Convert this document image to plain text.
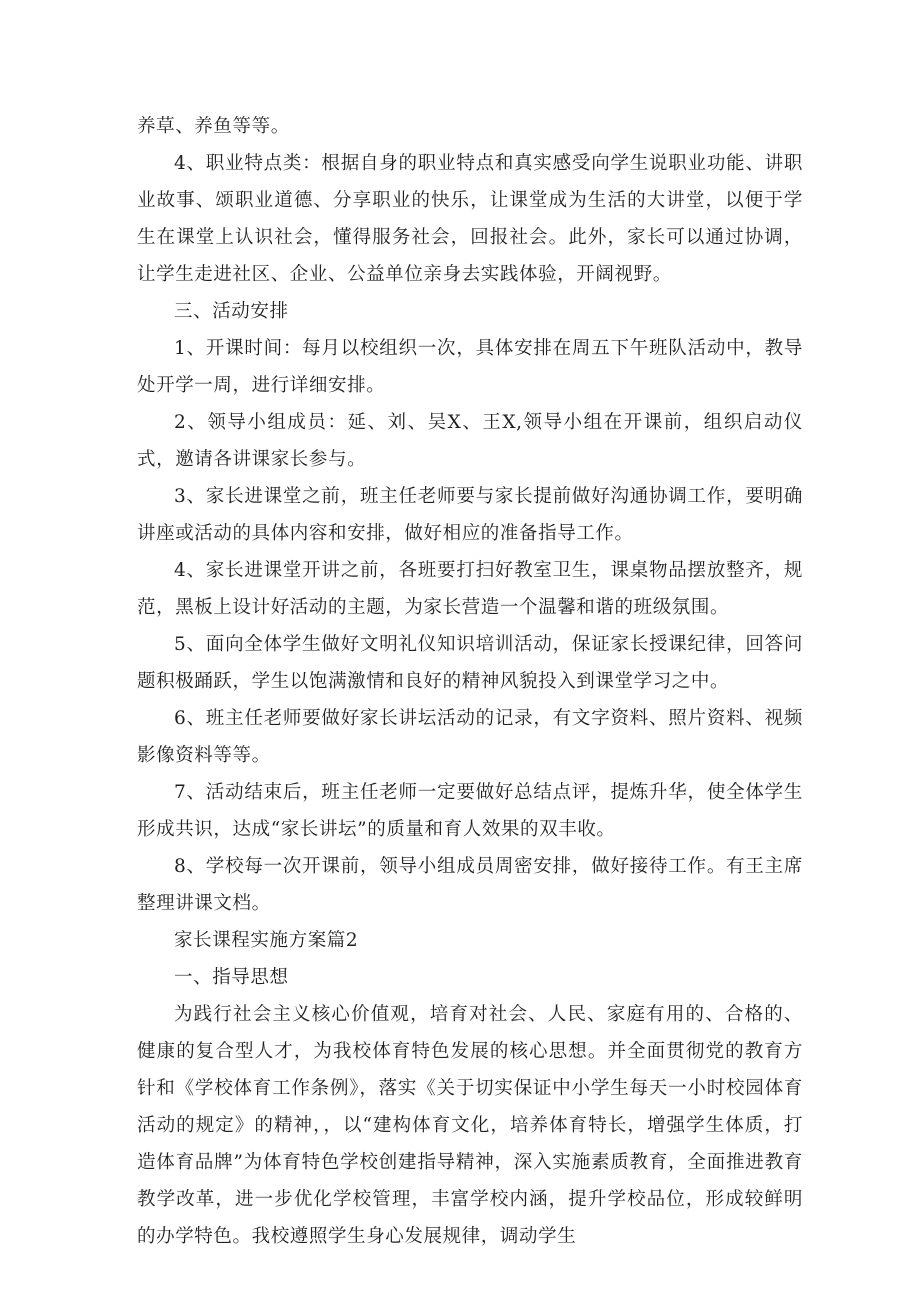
养草、养鱼等等。

4、职业特点类：根据自身的职业特点和真实感受向学生说职业功能、讲职业故事、颂职业道德、分享职业的快乐，让课堂成为生活的大讲堂，以便于学生在课堂上认识社会，懂得服务社会，回报社会。此外，家长可以通过协调，让学生走进社区、企业、公益单位亲身去实践体验，开阔视野。

三、活动安排

1、开课时间：每月以校组织一次，具体安排在周五下午班队活动中，教导处开学一周，进行详细安排。

2、领导小组成员：延、刘、吴X、王X,领导小组在开课前，组织启动仪式，邀请各讲课家长参与。

3、家长进课堂之前，班主任老师要与家长提前做好沟通协调工作，要明确讲座或活动的具体内容和安排，做好相应的准备指导工作。

4、家长进课堂开讲之前，各班要打扫好教室卫生，课桌物品摆放整齐，规范，黑板上设计好活动的主题，为家长营造一个温馨和谐的班级氛围。

5、面向全体学生做好文明礼仪知识培训活动，保证家长授课纪律，回答问题积极踊跃，学生以饱满激情和良好的精神风貌投入到课堂学习之中。

6、班主任老师要做好家长讲坛活动的记录，有文字资料、照片资料、视频影像资料等等。

7、活动结束后，班主任老师一定要做好总结点评，提炼升华，使全体学生形成共识，达成“家长讲坛”的质量和育人效果的双丰收。

8、学校每一次开课前，领导小组成员周密安排，做好接待工作。有王主席整理讲课文档。

家长课程实施方案篇2

一、指导思想

为践行社会主义核心价值观，培育对社会、人民、家庭有用的、合格的、健康的复合型人才，为我校体育特色发展的核心思想。并全面贯彻党的教育方针和《学校体育工作条例》，落实《关于切实保证中小学生每天一小时校园体育活动的规定》的精神，，以“建构体育文化，培养体育特长，增强学生体质，打造体育品牌”为体育特色学校创建指导精神，深入实施素质教育，全面推进教育教学改革，进一步优化学校管理，丰富学校内涵，提升学校品位，形成较鲜明的办学特色。我校遵照学生身心发展规律，调动学生
